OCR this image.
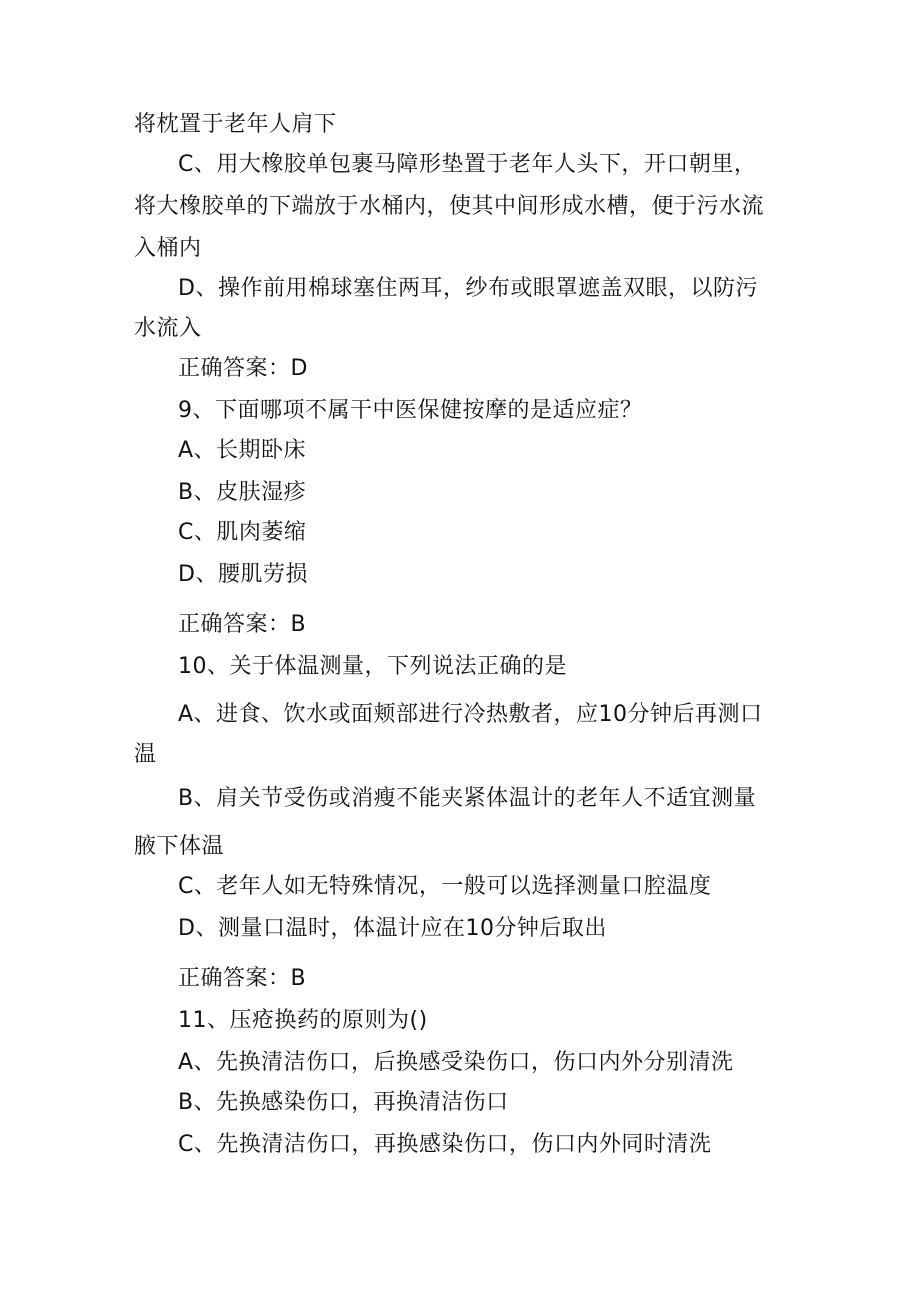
将枕置于老年人肩下
C、用大橡胶单包裹马障形垫置于老年人头下，开口朝里，
将大橡胶单的下端放于水桶内，使其中间形成水槽，便于污水流
入桶内
D、操作前用棉球塞住两耳，纱布或眼罩遮盖双眼，以防污
水流入
正确答案：D
9、下面哪项不属干中医保健按摩的是适应症？
A、长期卧床
B、皮肤湿疹
C、肌肉萎缩
D、腰肌劳损
正确答案：B
10、关于体温测量，下列说法正确的是
A、进食、饮水或面颊部进行冷热敷者，应10分钟后再测口
温
B、肩关节受伤或消瘦不能夹紧体温计的老年人不适宜测量
腋下体温
C、老年人如无特殊情况，一般可以选择测量口腔温度
D、测量口温时，体温计应在10分钟后取出
正确答案：B
11、压疮换药的原则为()
A、先换清洁伤口，后换感受染伤口，伤口内外分别清洗
B、先换感染伤口，再换清洁伤口
C、先换清洁伤口，再换感染伤口，伤口内外同时清洗
